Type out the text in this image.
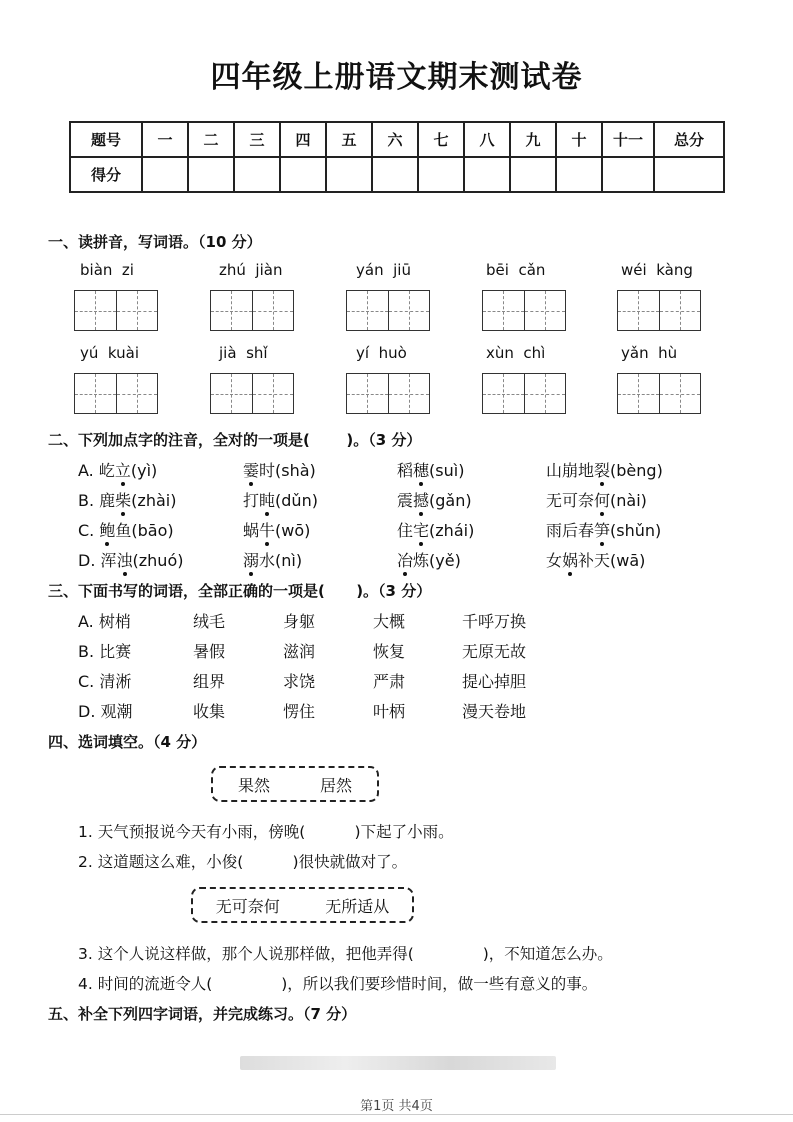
四年级上册语文期末测试卷
题号	一	二	三	四	五	六	七	八	九	十	十一	总分
得分												
一、读拼音，写词语。（10 分）
biàn  zi	zhú  jiàn	yán  jiū	bēi  cǎn	wéi  kàng
yú  kuài	jià  shǐ	yí  huò	xùn  chì	yǎn  hù
二、下列加点字的注音，全对的一项是(       )。（3 分）
A. 屹立(yì)	霎时(shà)	稻穗(suì)	山崩地裂(bèng)
B. 鹿柴(zhài)	打盹(dǔn)	震撼(gǎn)	无可奈何(nài)
C. 鲍鱼(bāo)	蜗牛(wō)	住宅(zhái)	雨后春笋(shǔn)
D. 浑浊(zhuó)	溺水(nì)	冶炼(yě)	女娲补天(wā)
三、下面书写的词语，全部正确的一项是(      )。（3 分）
A. 树梢	绒毛	身躯	大概	千呼万换
B. 比赛	暑假	滋润	恢复	无原无故
C. 清淅	组界	求饶	严肃	提心掉胆
D. 观潮	收集	愣住	叶柄	漫天卷地
四、选词填空。（4 分）
果然	居然
1. 天气预报说今天有小雨，傍晚(          )下起了小雨。
2. 这道题这么难，小俊(          )很快就做对了。
无可奈何	无所适从
3. 这个人说这样做，那个人说那样做，把他弄得(              )，不知道怎么办。
4. 时间的流逝令人(              )，所以我们要珍惜时间，做一些有意义的事。
五、补全下列四字词语，并完成练习。（7 分）
第1页 共4页
